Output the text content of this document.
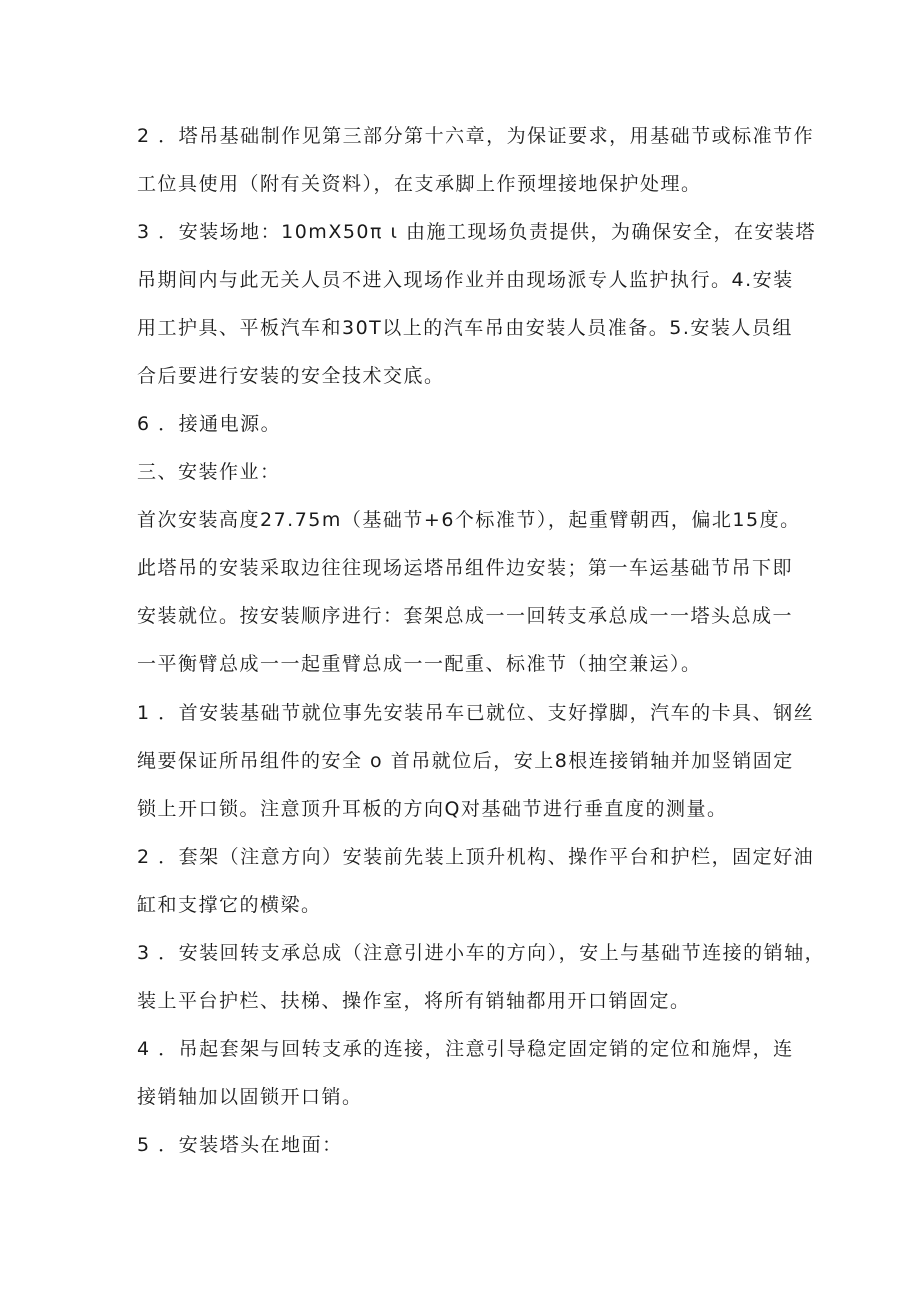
2 ．塔吊基础制作见第三部分第十六章，为保证要求，用基础节或标准节作
工位具使用（附有关资料），在支承脚上作预埋接地保护处理。
3 ．安装场地：10mX50π ι 由施工现场负责提供，为确保安全，在安装塔
吊期间内与此无关人员不进入现场作业并由现场派专人监护执行。4.安装
用工护具、平板汽车和30T以上的汽车吊由安装人员准备。5.安装人员组
合后要进行安装的安全技术交底。
6 ．接通电源。
三、安装作业：
首次安装高度27.75m（基础节+6个标准节），起重臂朝西，偏北15度。
此塔吊的安装采取边往往现场运塔吊组件边安装；第一车运基础节吊下即
安装就位。按安装顺序进行：套架总成一一回转支承总成一一塔头总成一
一平衡臂总成一一起重臂总成一一配重、标准节（抽空兼运）。
1 ．首安装基础节就位事先安装吊车已就位、支好撑脚，汽车的卡具、钢丝
绳要保证所吊组件的安全 o 首吊就位后，安上8根连接销轴并加竖销固定
锁上开口锁。注意顶升耳板的方向Q对基础节进行垂直度的测量。
2 ．套架（注意方向）安装前先装上顶升机构、操作平台和护栏，固定好油
缸和支撑它的横梁。
3 ．安装回转支承总成（注意引进小车的方向），安上与基础节连接的销轴，
装上平台护栏、扶梯、操作室，将所有销轴都用开口销固定。
4 ．吊起套架与回转支承的连接，注意引导稳定固定销的定位和施焊，连
接销轴加以固锁开口销。
5 ．安装塔头在地面：
